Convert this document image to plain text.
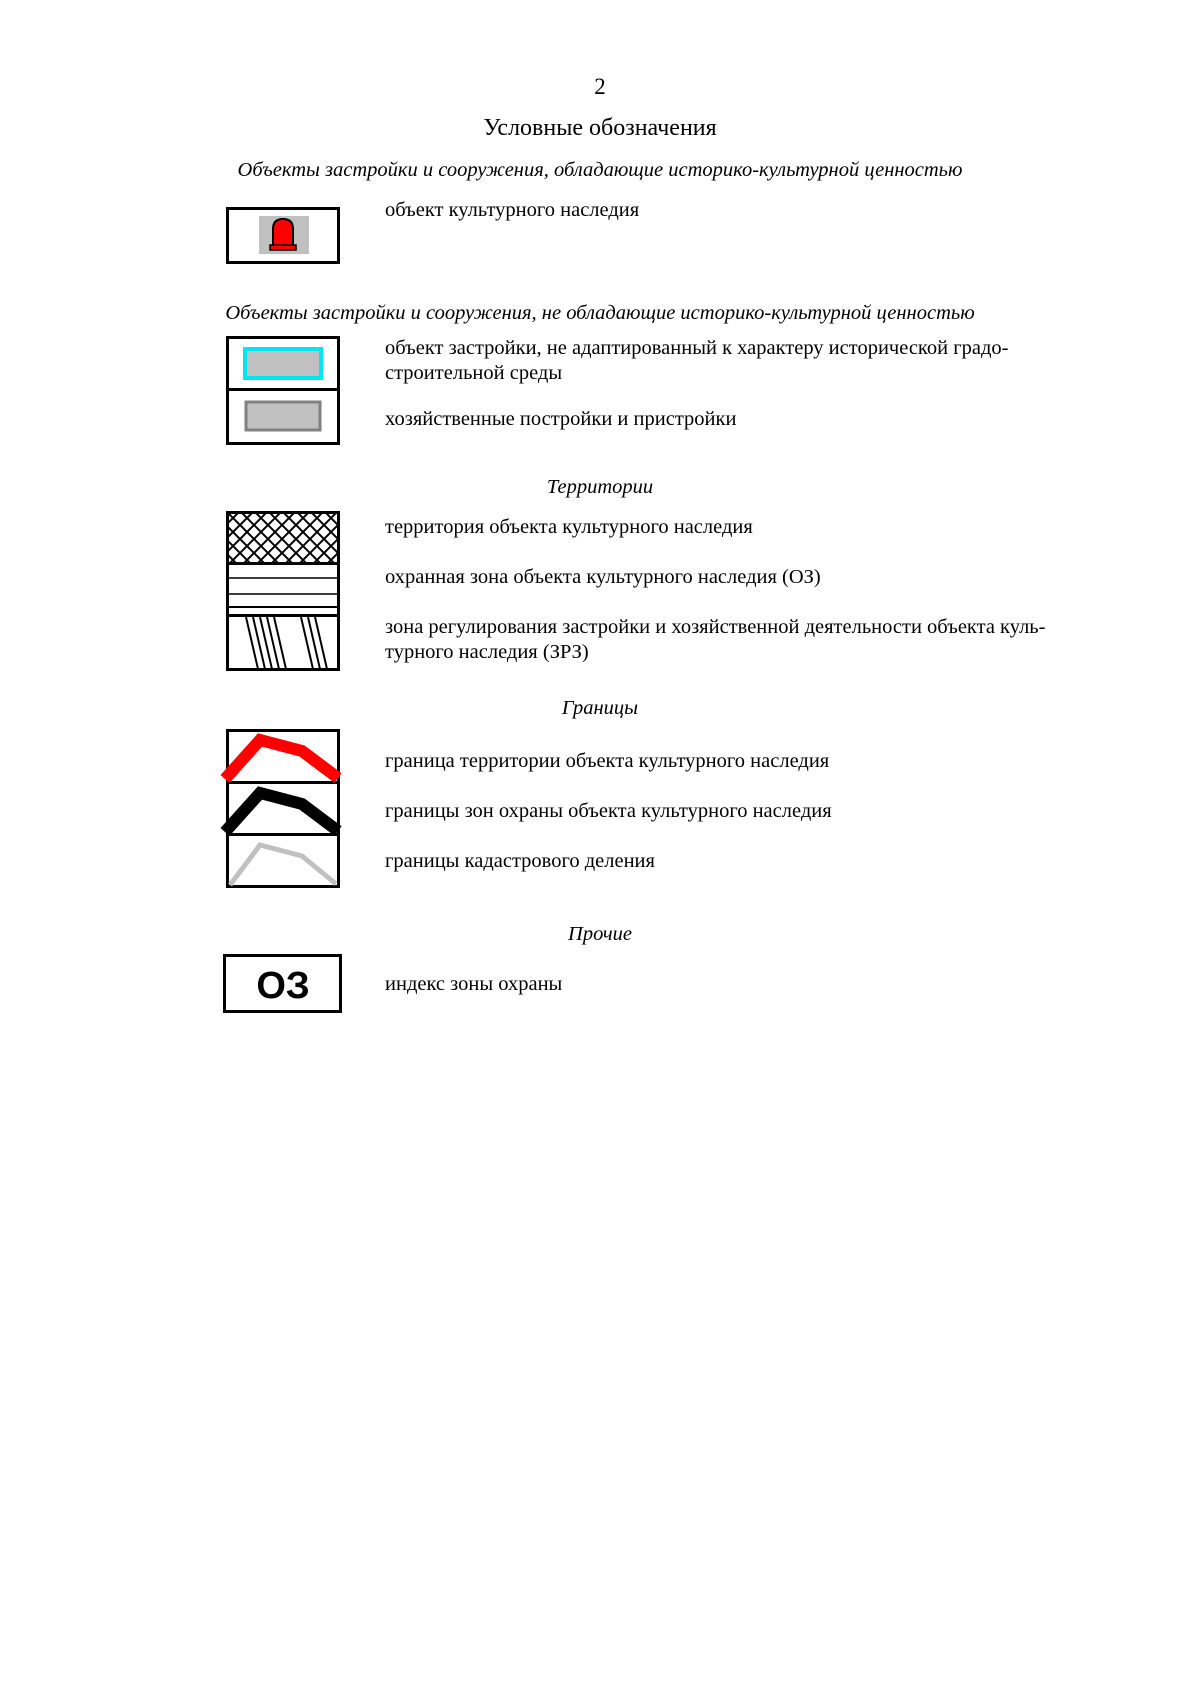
2
Условные обозначения
Объекты застройки и сооружения, обладающие историко-культурной ценностью
объект культурного наследия
Объекты застройки и сооружения, не обладающие историко-культурной ценностью
объект застройки, не адаптированный к характеру исторической градо-
строительной среды
хозяйственные постройки и пристройки
Территории
территория объекта культурного наследия
охранная зона объекта культурного наследия (ОЗ)
зона регулирования застройки и хозяйственной деятельности объекта куль-
турного наследия (ЗРЗ)
Границы
граница территории объекта культурного наследия
границы зон охраны объекта культурного наследия
границы кадастрового деления
Прочие
ОЗ	индекс зоны охраны
